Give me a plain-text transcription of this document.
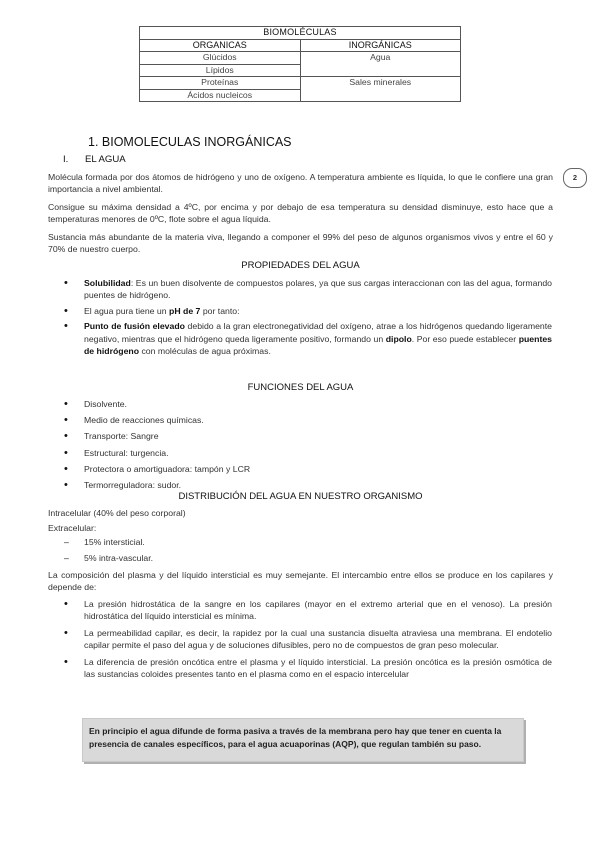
BIOMOLÉCULAS	
ORGANICAS	INORGÁNICAS
Glúcidos	Agua
Lípidos	
Proteínas	Sales minerales
Ácidos nucleicos	
1. BIOMOLECULAS INORGÁNICAS
I. EL AGUA
2
Molécula formada por dos átomos de hidrógeno y uno de oxígeno. A temperatura ambiente es líquida, lo que le confiere una gran importancia a nivel ambiental.
Consigue su máxima densidad a 4ºC, por encima y por debajo de esa temperatura su densidad disminuye, esto hace que a temperaturas menores de 0ºC, flote sobre el agua líquida.
Sustancia más abundante de la materia viva, llegando a componer el 99% del peso de algunos organismos vivos y entre el 60 y 70% de nuestro cuerpo.
PROPIEDADES DEL AGUA
• Solubilidad: Es un buen disolvente de compuestos polares, ya que sus cargas interaccionan con las del agua, formando puentes de hidrógeno.
• El agua pura tiene un pH de 7 por tanto:
• Punto de fusión elevado debido a la gran electronegatividad del oxígeno, atrae a los hidrógenos quedando ligeramente negativo, mientras que el hidrógeno queda ligeramente positivo, formando un dipolo. Por eso puede establecer puentes de hidrógeno con moléculas de agua próximas.
FUNCIONES DEL AGUA
• Disolvente.
• Medio de reacciones químicas.
• Transporte: Sangre
• Estructural: turgencia.
• Protectora o amortiguadora: tampón y LCR
• Termorreguladora: sudor.
DISTRIBUCIÓN DEL AGUA EN NUESTRO ORGANISMO
Intracelular (40% del peso corporal)
Extracelular:
– 15% intersticial.
– 5% intra-vascular.
La composición del plasma y del líquido intersticial es muy semejante. El intercambio entre ellos se produce en los capilares y depende de:
• La presión hidrostática de la sangre en los capilares (mayor en el extremo arterial que en el venoso). La presión hidrostática del líquido intersticial es mínima.
• La permeabilidad capilar, es decir, la rapidez por la cual una sustancia disuelta atraviesa una membrana. El endotelio capilar permite el paso del agua y de soluciones difusibles, pero no de compuestos de gran peso molecular.
• La diferencia de presión oncótica entre el plasma y el líquido intersticial. La presión oncótica es la presión osmótica de las sustancias coloides presentes tanto en el plasma como en el espacio intercelular
En principio el agua difunde de forma pasiva a través de la membrana pero hay que tener en cuenta la presencia de canales específicos, para el agua acuaporinas (AQP), que regulan también su paso.
